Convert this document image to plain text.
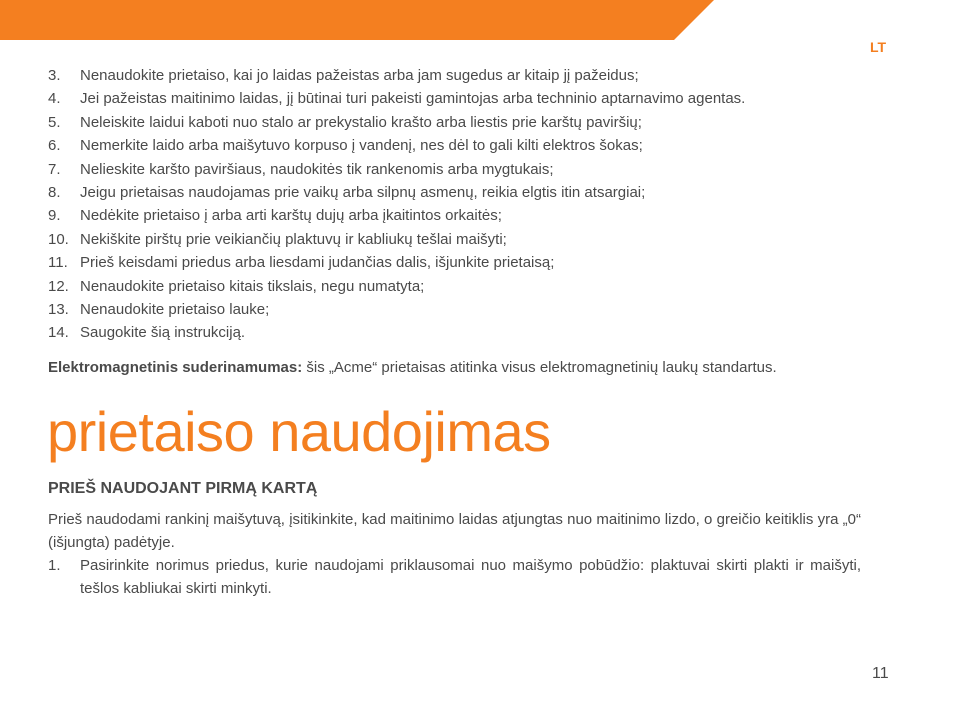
LT
3. Nenaudokite prietaiso, kai jo laidas pažeistas arba jam sugedus ar kitaip jį pažeidus;
4. Jei pažeistas maitinimo laidas, jį būtinai turi pakeisti gamintojas arba techninio aptarnavimo agentas.
5. Neleiskite laidui kaboti nuo stalo ar prekystalio krašto arba liestis prie karštų paviršių;
6. Nemerkite laido arba maišytuvo korpuso į vandenį, nes dėl to gali kilti elektros šokas;
7. Nelieskite karšto paviršiaus, naudokitės tik rankenomis arba mygtukais;
8. Jeigu prietaisas naudojamas prie vaikų arba silpnų asmenų, reikia elgtis itin atsargiai;
9. Nedėkite prietaiso į arba arti karštų dujų arba įkaitintos orkaitės;
10. Nekiškite pirštų prie veikiančių plaktuvų ir kabliukų tešlai maišyti;
11. Prieš keisdami priedus arba liesdami judančias dalis, išjunkite prietaisą;
12. Nenaudokite prietaiso kitais tikslais, negu numatyta;
13. Nenaudokite prietaiso lauke;
14. Saugokite šią instrukciją.

Elektromagnetinis suderinamumas: šis „Acme“ prietaisas atitinka visus elektromagnetinių laukų standartus.

prietaiso naudojimas
PRIEŠ NAUDOJANT PIRMĄ KARTĄ

Prieš naudodami rankinį maišytuvą, įsitikinkite, kad maitinimo laidas atjungtas nuo maitinimo lizdo, o greičio keitiklis yra „0“ (išjungta) padėtyje.

1. Pasirinkite norimus priedus, kurie naudojami priklausomai nuo maišymo pobūdžio: plaktuvai skirti plakti ir maišyti, tešlos kabliukai skirti minkyti.
11
